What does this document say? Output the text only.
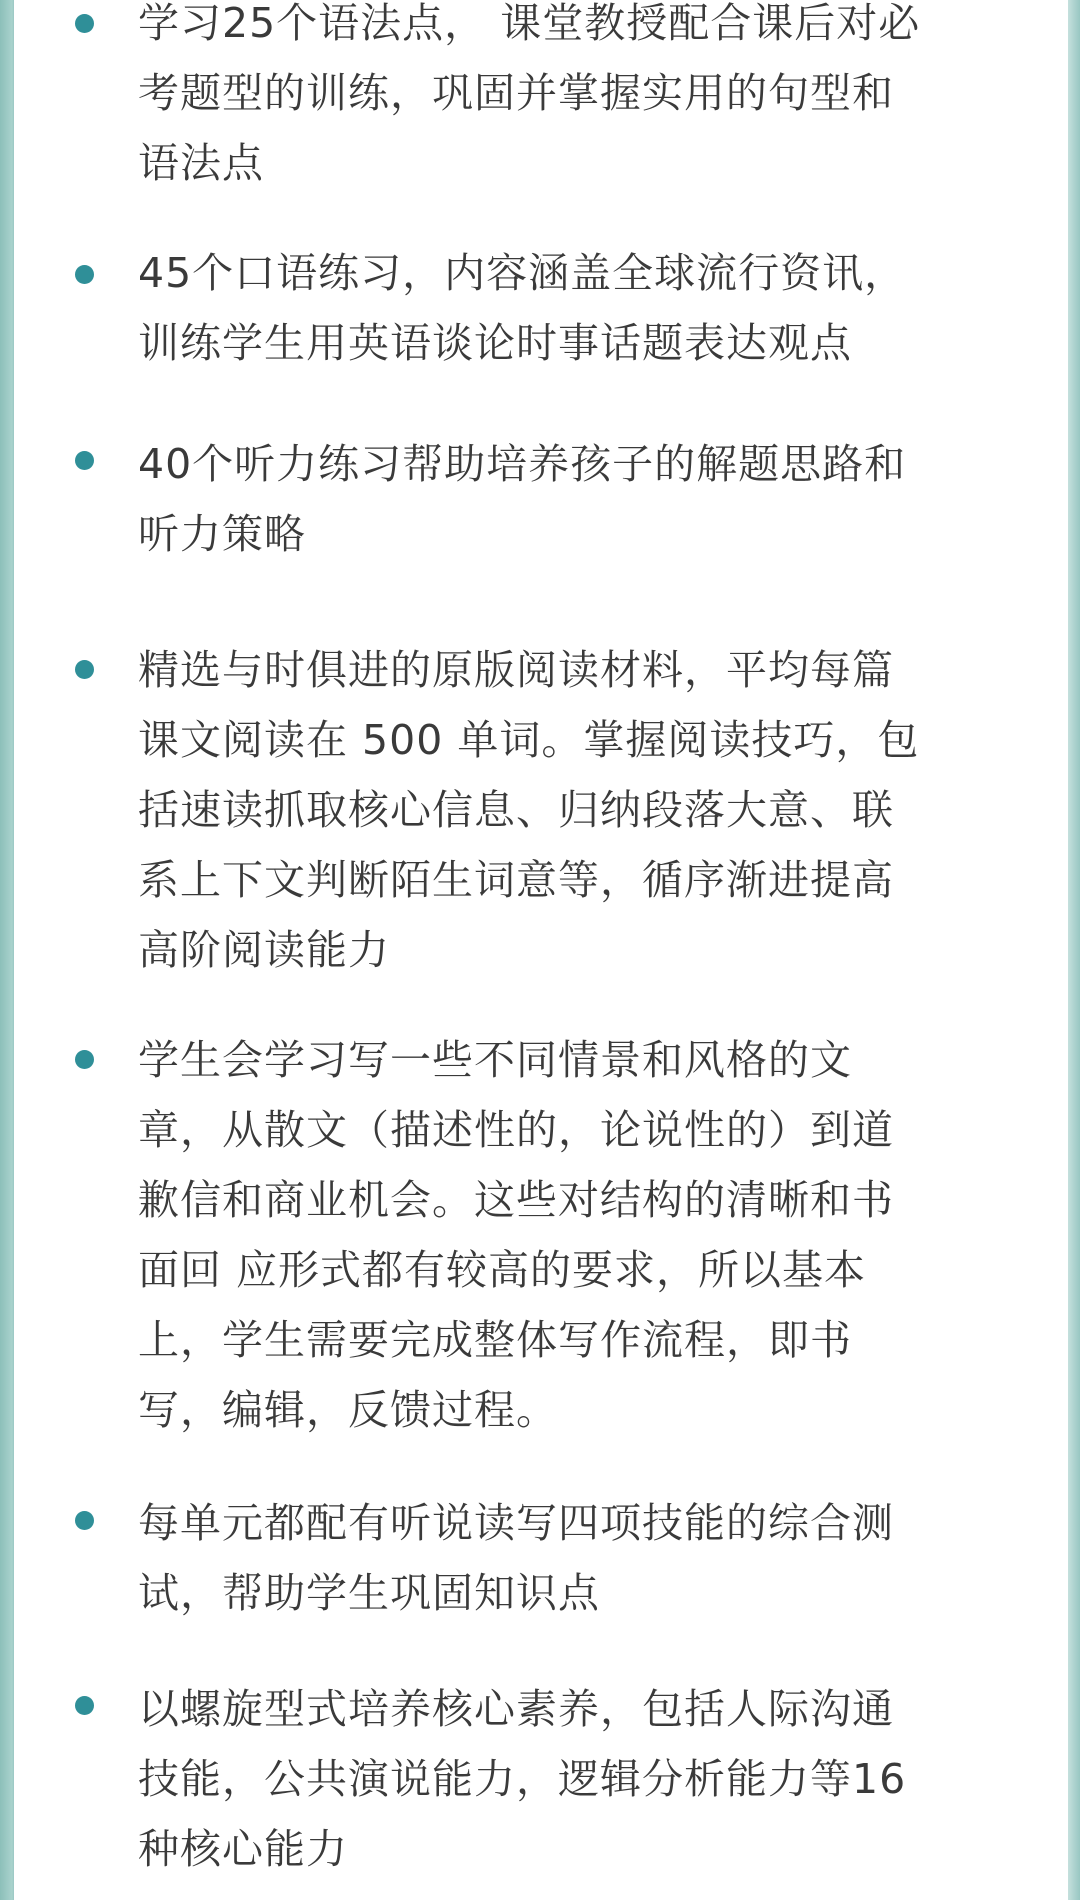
学习25个语法点， 课堂教授配合课后对必
考题型的训练，巩固并掌握实用的句型和
语法点
45个口语练习，内容涵盖全球流行资讯，
训练学生用英语谈论时事话题表达观点
40个听力练习帮助培养孩子的解题思路和
听力策略
精选与时俱进的原版阅读材料，平均每篇
课文阅读在 500 单词。掌握阅读技巧，包
括速读抓取核心信息、归纳段落大意、联
系上下文判断陌生词意等，循序渐进提高
高阶阅读能力
学生会学习写一些不同情景和风格的文
章，从散文（描述性的，论说性的）到道
歉信和商业机会。这些对结构的清晰和书
面回 应形式都有较高的要求，所以基本
上，学生需要完成整体写作流程，即书
写，编辑，反馈过程。
每单元都配有听说读写四项技能的综合测
试，帮助学生巩固知识点
以螺旋型式培养核心素养，包括人际沟通
技能，公共演说能力，逻辑分析能力等16
种核心能力
